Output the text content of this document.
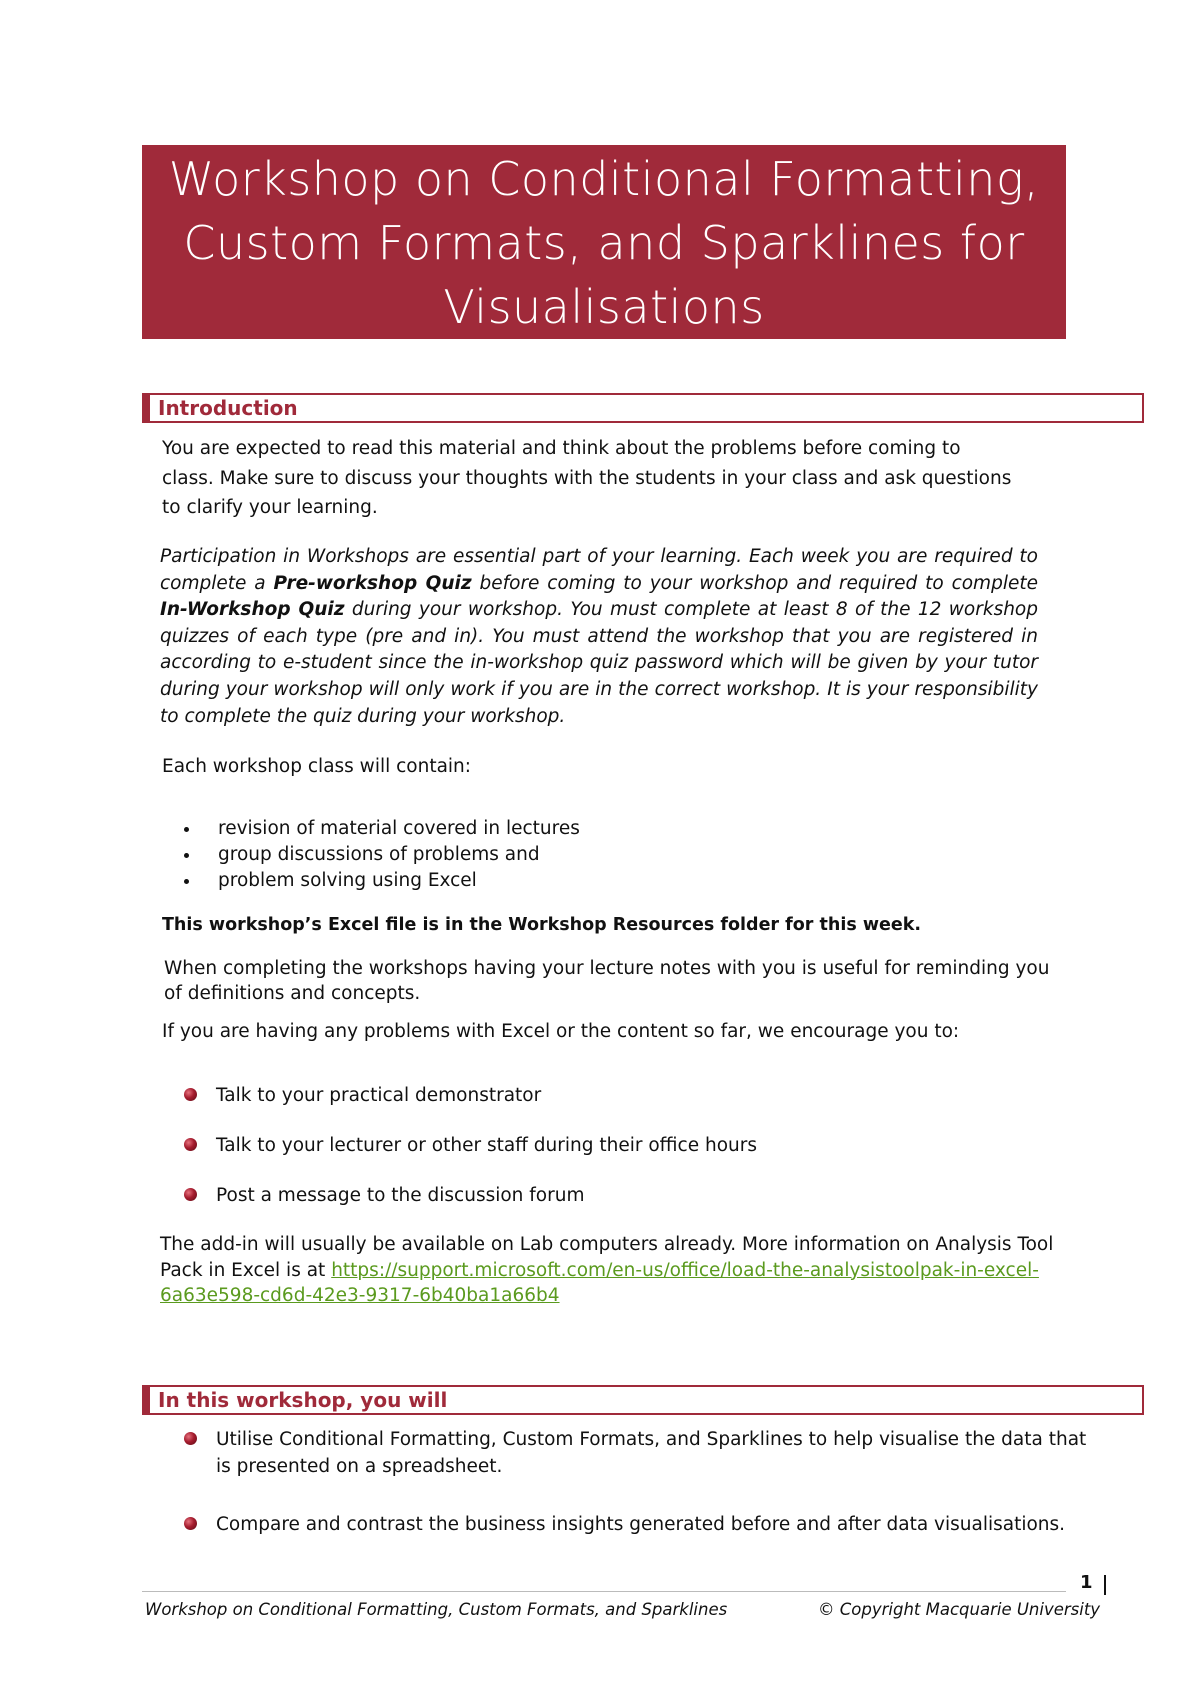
Workshop on Conditional Formatting,
Custom Formats, and Sparklines for
Visualisations
Introduction
You are expected to read this material and think about the problems before coming to
class. Make sure to discuss your thoughts with the students in your class and ask questions
to clarify your learning.
Participation in Workshops are essential part of your learning. Each week you are required to complete a Pre-workshop Quiz before coming to your workshop and required to complete In-Workshop Quiz during your workshop. You must complete at least 8 of the 12 workshop quizzes of each type (pre and in). You must attend the workshop that you are registered in according to e-student since the in-workshop quiz password which will be given by your tutor during your workshop will only work if you are in the correct workshop. It is your responsibility to complete the quiz during your workshop.
Each workshop class will contain:
revision of material covered in lectures
group discussions of problems and
problem solving using Excel
This workshop’s Excel file is in the Workshop Resources folder for this week.
When completing the workshops having your lecture notes with you is useful for reminding you
of definitions and concepts.
If you are having any problems with Excel or the content so far, we encourage you to:
Talk to your practical demonstrator
Talk to your lecturer or other staff during their office hours
Post a message to the discussion forum
The add-in will usually be available on Lab computers already. More information on Analysis Tool
Pack in Excel is at https://support.microsoft.com/en-us/office/load-the-analysistoolpak-in-excel-
6a63e598-cd6d-42e3-9317-6b40ba1a66b4
In this workshop, you will
Utilise Conditional Formatting, Custom Formats, and Sparklines to help visualise the data that
is presented on a spreadsheet.
Compare and contrast the business insights generated before and after data visualisations.
1
Workshop on Conditional Formatting, Custom Formats, and Sparklines	© Copyright Macquarie University
